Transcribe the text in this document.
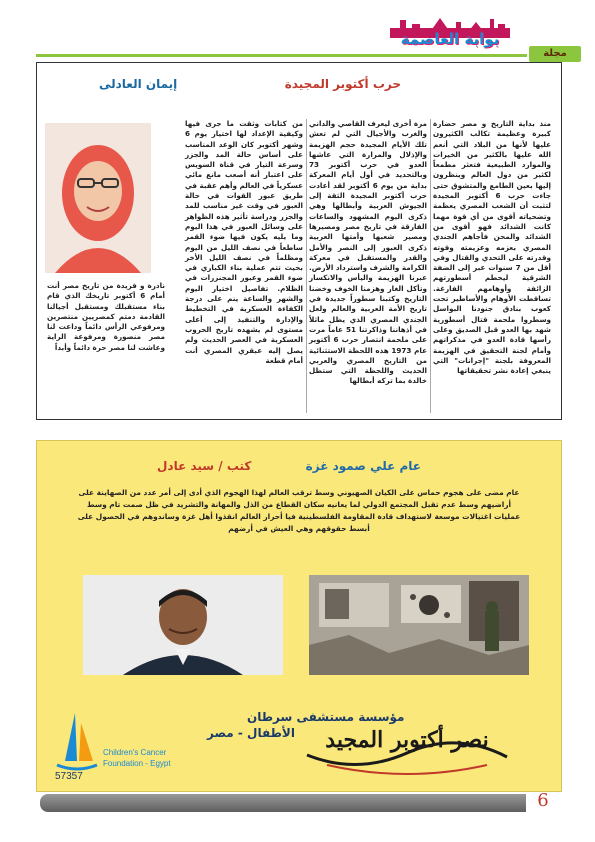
بوابة العاصمة
مجلة
حرب أكتوبر المجيدة
إيمان العادلى
منذ بداية التاريخ و مصر حضارة كبيرة وعظيمة تكالب الكثيرون عليها لأنها من البلاد التي أنعم الله عليها بالكثير من الخيرات والموارد الطبيعية فتعثر مطمعاً لكثير من دول العالم وينظرون إليها بعين الطامع والمتشوق حتى جاءت حرب 6 أكتوبر المجيدة لتثبت أن الشعب المصري يعظمة وتضحياته أقوى من أي قوة مهما كانت الشدائد فهو أقوى من الشدائد والمحن فأجاهم الجندي المصري بعزمه وعزيمته وقوته وقدرته على التحدي والقتال وفي أقل من 7 سنوات عبر إلى الضفة الشرقية ليحطم أسطورتهم الزائفة وأوهامهم الفارغة. تساقطت الأوهام والأساطير تحت كعوب بنادق جنودنا البواسل وسطروا ملحمة قتال أسطورية شهد بها العدو قبل الصديق وعلى رأسها قادة العدو في مذكراتهم وأمام لجنة التحقيق في الهزيمة المعروفة بلجنة "إجرانات" التي ينبغي إعادة نشر تحقيقاتها
مرة أخرى ليعرف القاصي والداني والغرب والأجيال التي لم تعش تلك الأيام المجيدة حجم الهزيمة والإذلال والمرارة التي عاشها العدو في حرب أكتوبر 73 وبالتحديد في أول أيام المعركة بداية من يوم 6 أكتوبر لقد أعادت حرب أكتوبر المجيدة الثقة إلى الجيوش العربية وأبطالها وهي ذكرى اليوم المشهود والساعات الفارقة في تاريخ مصر ومصيرها ومصير شعبها وأمتها العربية ذكرى العبور إلى النصر والأمل والقدر والمستقبل في معركة الكرامة والشرف واسترداد الأرض. عبرنا الهزيمة واليأس والانكسار وتأكل الغار وهزمنا الخوف وخضنا التاريخ وكتبنا سطوراً جديدة في تاريخ الأمة العربية والعالم ولعل الجندي المصري الذي يظل ماثلاً في أذهاننا وذاكرتنا 51 عاماً مرت على ملحمة انتصار حرب 6 أكتوبر عام 1973 هذه اللحظة الاستثنائية من التاريخ المصري والعربي الحديث واللحظة التي ستظل خالدة بما تركه أبطالها
من كتابات وثقت ما جرى فيها وكيفية الإعداد لها اختيار يوم 6 وشهر أكتوبر كان الوعد المناسب على أساس حالة المد والجزر وسرعة التيار في قناة السويس على اعتبار أنه أصعب مانع مائي عسكرياً في العالم وأهم عقبة في طريق عبور القوات في حالة العبور في وقت غير مناسب للمد والجزر ودراسة تأثير هذه الظواهر على وسائل العبور في هذا اليوم وما يليه يكون فيها ضوء القمر ساطعاً في نصف الليل من اليوم ومظلماً في نصف الليل الأخر بحيث تتم عملية بناء الكباري في ضوء القمر وعبور المجنزرات في الظلام. تفاصيل اختيار اليوم والشهر والساعة ينم على درجة الكفاءة العسكرية في التخطيط والإدارة والتنفيذ إلى أعلى مستوى لم يشهده تاريخ الحروب العسكرية في العصر الحديث ولم يصل إليه عبقري المصري أنت أمام قطعة
نادرة و فريدة من تاريخ مصر أنت أمام 6 أكتوبر تاريخك الذي قام بناء مستقبلك ومستقبل أجيالنا القادمة دمتم كمصريين منتصرين ومرفوعي الرأس دائماً وداعت لنا مصر منصورة ومرفوعة الراية وعاشت لنا مصر حرة دائماً وأبداً
عام علي صمود غزة
كتب / سيد عادل
عام مضى على هجوم حماس على الكيان الصهيوني وسط ترقب العالم لهذا الهجوم الذي أدى إلى أمر عدد من الصهاينة على أراضيهم وسط عدم تقبل المجتمع الدولي لما يعانيه سكان القطاع من الذل والمهانة والتشريد في ظل صمت تام وسط عمليات اغتيالات موسعة لاستهداف قادة المقاومة الفلسطينية فيا أحرار العالم انقذوا أهل غزة وساندوهم في الحصول على أبسط حقوقهم وهي العيش في أرضهم
57357
مؤسسة مستشفى سرطان
الأطفال - مصر
Children's Cancer
Foundation - Egypt
نصر أكتوبر المجيد
6
